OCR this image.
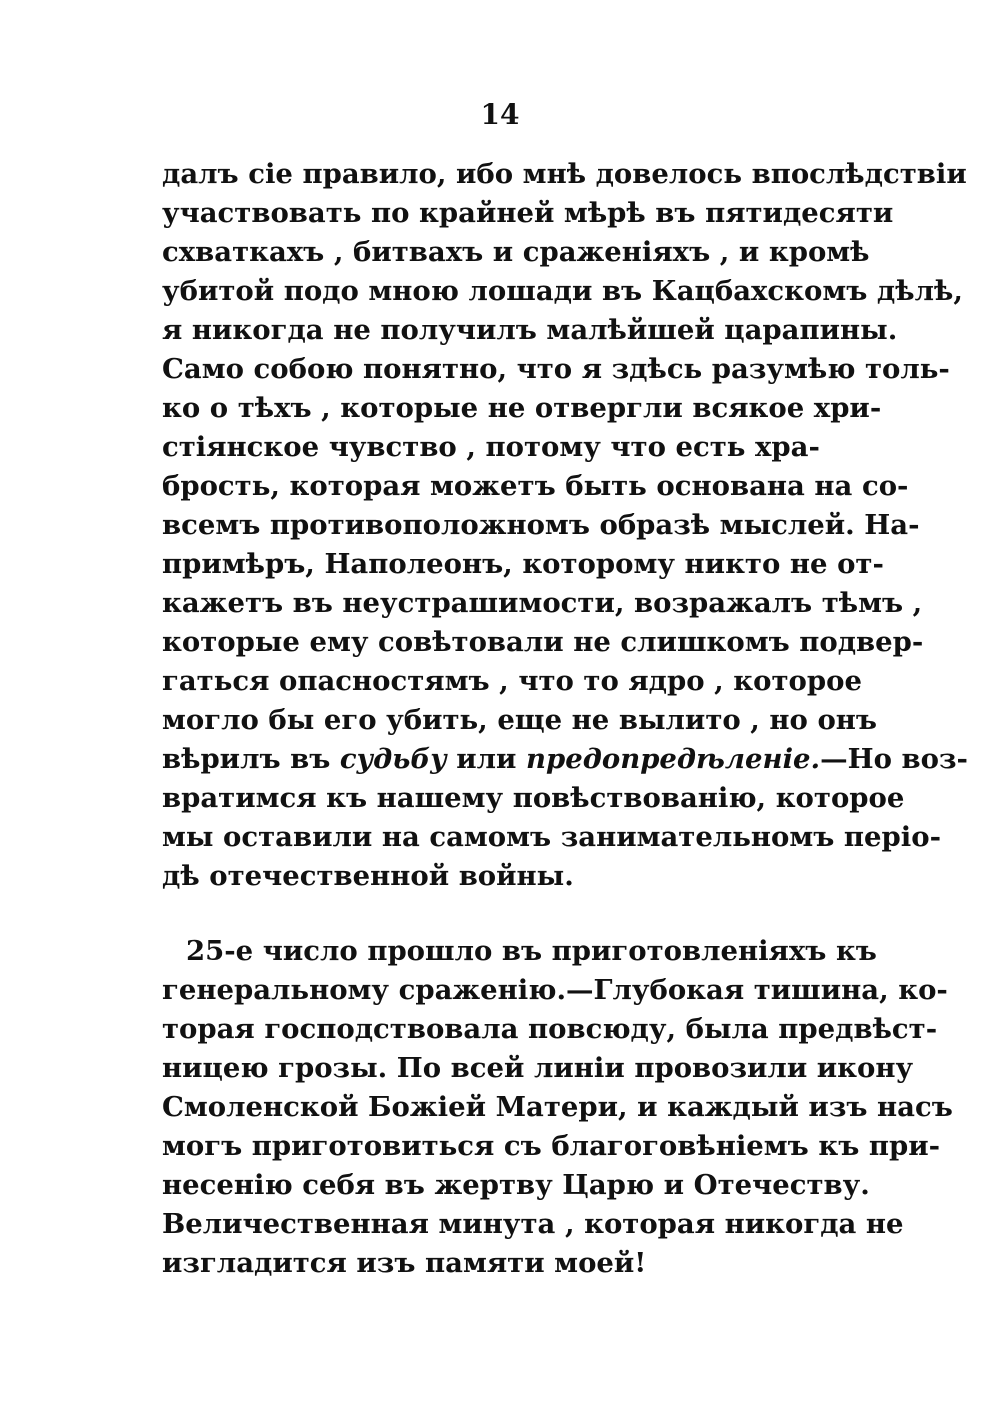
14
далъ сіе правило, ибо мнѣ довелось впослѣдствіи
участвовать по крайней мѣрѣ въ пятидесяти
схваткахъ , битвахъ и сраженіяхъ , и кромѣ
убитой подо мною лошади въ Кацбахскомъ дѣлѣ,
я никогда не получилъ малѣйшей царапины.
Само собою понятно, что я здѣсь разумѣю толь-
ко о тѣхъ , которые не отвергли всякое хри-
стіянское чувство , потому что есть хра-
брость, которая можетъ быть основана на со-
всемъ противоположномъ образѣ мыслей. На-
примѣръ, Наполеонъ, которому никто не от-
кажетъ въ неустрашимости, возражалъ тѣмъ ,
которые ему совѣтовали не слишкомъ подвер-
гаться опасностямъ , что то ядро , которое
могло бы его убить, еще не вылито , но онъ
вѣрилъ въ судьбу или предопредѣленіе.—Но воз-
вратимся къ нашему повѣствованію, которое
мы оставили на самомъ занимательномъ періо-
дѣ отечественной войны.
25-е число прошло въ приготовленіяхъ къ
генеральному сраженію.—Глубокая тишина, ко-
торая господствовала повсюду, была предвѣст-
ницею грозы. По всей линіи провозили икону
Смоленской Божіей Матери, и каждый изъ насъ
могъ приготовиться съ благоговѣніемъ къ при-
несенію себя въ жертву Царю и Отечеству.
Величественная минута , которая никогда не
изгладится изъ памяти моей!
